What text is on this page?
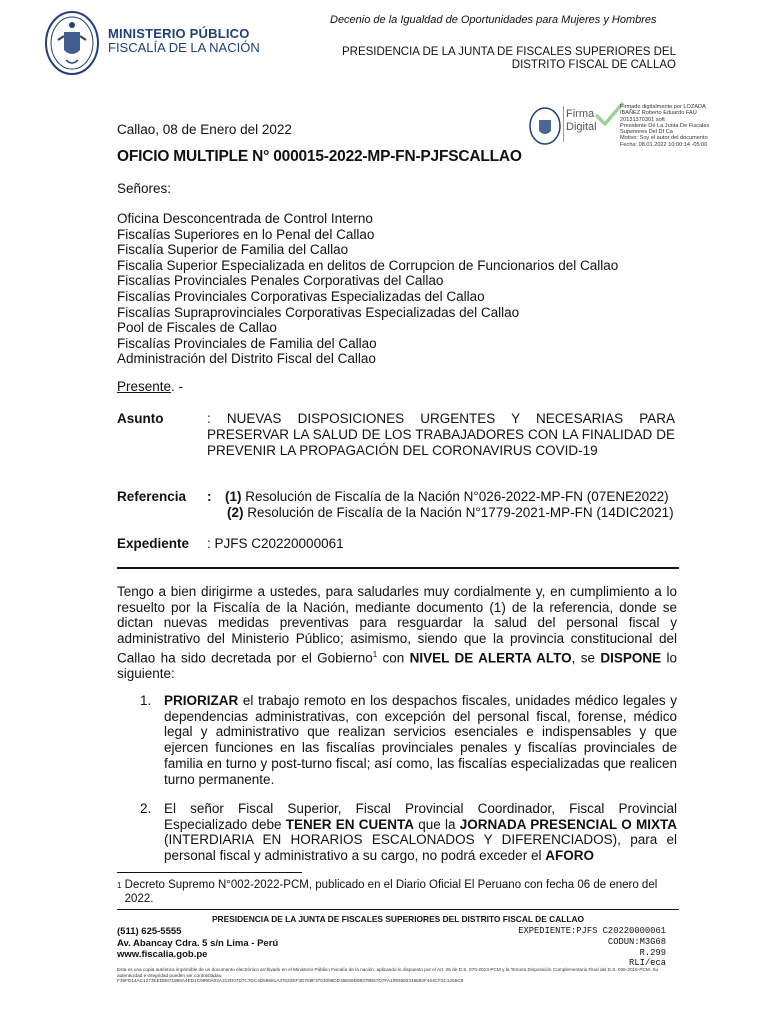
MINISTERIO PÚBLICO
FISCALÍA DE LA NACIÓN
Decenio de la Igualdad de Oportunidades para Mujeres y Hombres
PRESIDENCIA DE LA JUNTA DE FISCALES SUPERIORES DEL
DISTRITO FISCAL DE CALLAO
Firma
Digital
Firmado digitalmente por LOZADA
IBAÑEZ Roberto Eduardo FAU
20131370301 soft
Presidente De La Junta De Fiscales
Superiores Del Df Ca
Motivo: Soy el autor del documento
Fecha: 08.01.2022 10:00:14 -05:00
Callao, 08 de Enero del 2022
OFICIO MULTIPLE N° 000015-2022-MP-FN-PJFSCALLAO
Señores:
Oficina Desconcentrada de Control Interno
Fiscalías Superiores en lo Penal del Callao
Fiscalía Superior de Familia del Callao
Fiscalia Superior Especializada en delitos de Corrupcion de Funcionarios del Callao
Fiscalías Provinciales Penales Corporativas del Callao
Fiscalías Provinciales Corporativas Especializadas del Callao
Fiscalías Supraprovinciales Corporativas Especializadas del Callao
Pool de Fiscales de Callao
Fiscalías Provinciales de Familia del Callao
Administración del Distrito Fiscal del Callao
Presente. -
Asunto	: NUEVAS DISPOSICIONES URGENTES Y NECESARIAS PARA PRESERVAR LA SALUD DE LOS TRABAJADORES CON LA FINALIDAD DE PREVENIR LA PROPAGACIÓN DEL CORONAVIRUS COVID-19
Referencia : (1) Resolución de Fiscalía de la Nación N°026-2022-MP-FN (07ENE2022)
(2) Resolución de Fiscalía de la Nación N°1779-2021-MP-FN (14DIC2021)
Expediente : PJFS C20220000061
Tengo a bien dirigirme a ustedes, para saludarles muy cordialmente y, en cumplimiento a lo resuelto por la Fiscalía de la Nación, mediante documento (1) de la referencia, donde se dictan nuevas medidas preventivas para resguardar la salud del personal fiscal y administrativo del Ministerio Público; asimismo, siendo que la provincia constitucional del Callao ha sido decretada por el Gobierno$^1$ con NIVEL DE ALERTA ALTO, se DISPONE lo siguiente:
1. PRIORIZAR el trabajo remoto en los despachos fiscales, unidades médico legales y dependencias administrativas, con excepción del personal fiscal, forense, médico legal y administrativo que realizan servicios esenciales e indispensables y que ejercen funciones en las fiscalías provinciales penales y fiscalías provinciales de familia en turno y post-turno fiscal; así como, las fiscalías especializadas que realicen turno permanente.
2. El señor Fiscal Superior, Fiscal Provincial Coordinador, Fiscal Provincial Especializado debe TENER EN CUENTA que la JORNADA PRESENCIAL O MIXTA (INTERDIARIA EN HORARIOS ESCALONADOS Y DIFERENCIADOS), para el personal fiscal y administrativo a su cargo, no podrá exceder el AFORO
$^1$ Decreto Supremo N°002-2022-PCM, publicado en el Diario Oficial El Peruano con fecha 06 de enero del 2022.
PRESIDENCIA DE LA JUNTA DE FISCALES SUPERIORES DEL DISTRITO FISCAL DE CALLAO
(511) 625-5555
Av. Abancay Cdra. 5 s/n Lima - Perú
www.fiscalia.gob.pe
EXPEDIENTE:PJFS C20220000061
CODUN:M3G68
R.299
RLI/eca
Esta es una copia auténtica imprimible de un documento electrónico archivado en el Ministerio Público Fiscalía de la nación, aplicando lo dispuesto por el Art. 25 de D.S. 070-2013-PCM y la Tercera Disposición Complementaria Final del D.S. 026-2016-PCM. Su autenticidad e integridad pueden ser contrastadas.
F36FD14AC1273EEDB871898A4ED1C9990A03A312D07D7C7DC4D59681A37022EF3D759F3763096DD36E59D98378B67D7FA1993582315682F454CF2C1265C8
